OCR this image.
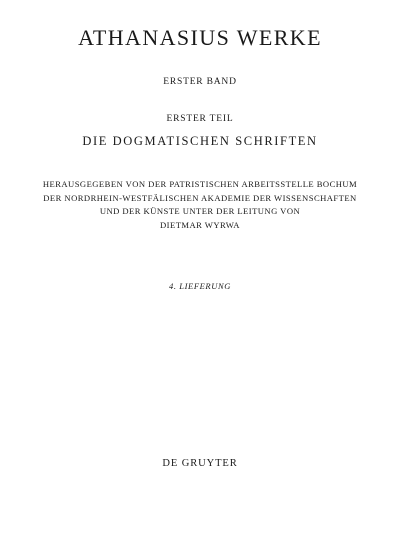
ATHANASIUS WERKE
ERSTER BAND
ERSTER TEIL
DIE DOGMATISCHEN SCHRIFTEN
HERAUSGEGEBEN VON DER PATRISTISCHEN ARBEITSSTELLE BOCHUM
DER NORDRHEIN-WESTFÄLISCHEN AKADEMIE DER WISSENSCHAFTEN
UND DER KÜNSTE UNTER DER LEITUNG VON
DIETMAR WYRWA
4. LIEFERUNG
DE GRUYTER
